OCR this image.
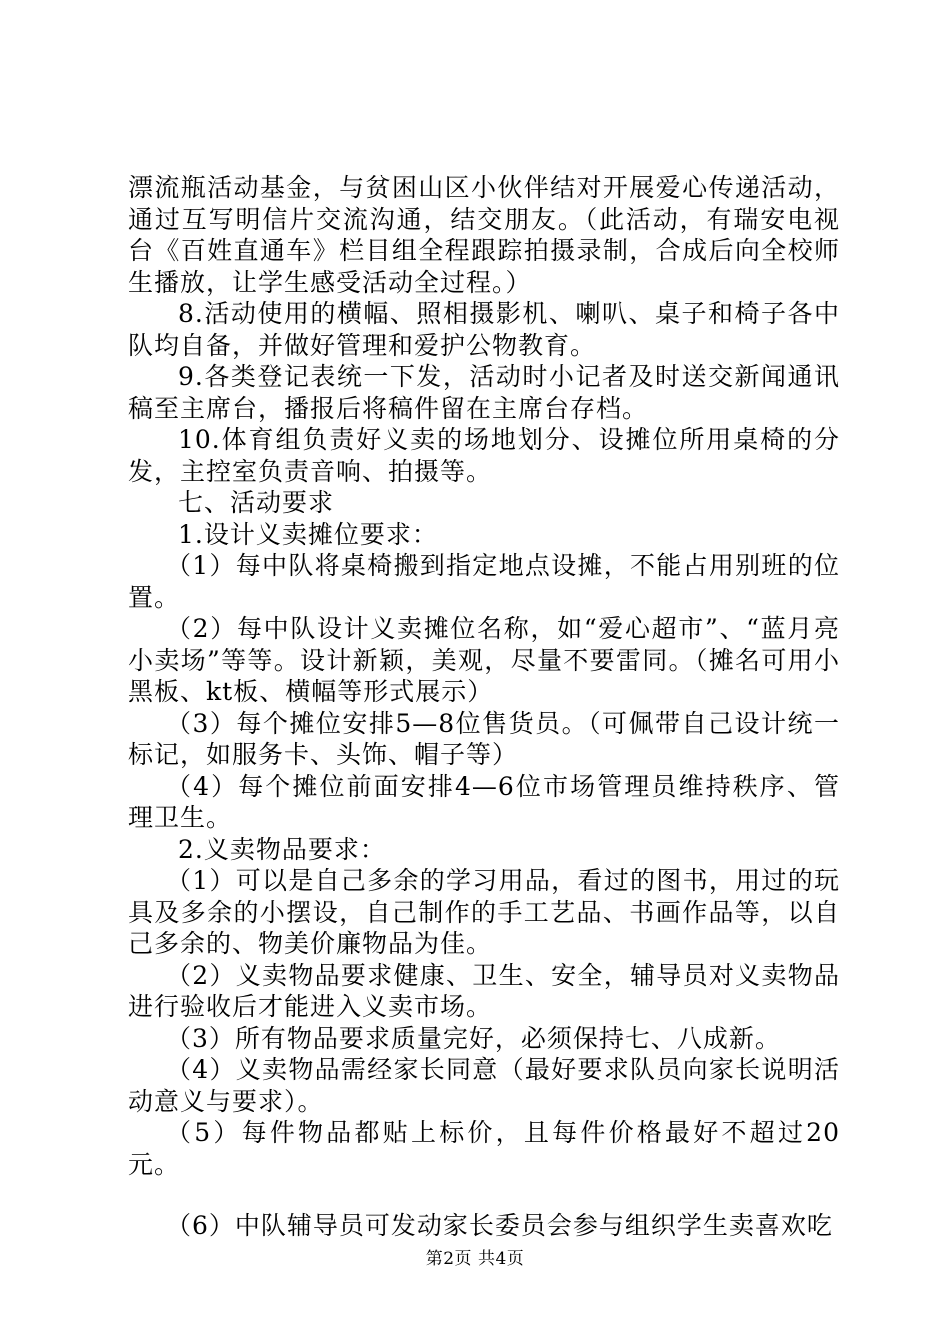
漂流瓶活动基金，与贫困山区小伙伴结对开展爱心传递活动，通过互写明信片交流沟通，结交朋友。（此活动，有瑞安电视台《百姓直通车》栏目组全程跟踪拍摄录制，合成后向全校师生播放，让学生感受活动全过程。）

8.活动使用的横幅、照相摄影机、喇叭、桌子和椅子各中队均自备，并做好管理和爱护公物教育。

9.各类登记表统一下发，活动时小记者及时送交新闻通讯稿至主席台，播报后将稿件留在主席台存档。

10.体育组负责好义卖的场地划分、设摊位所用桌椅的分发，主控室负责音响、拍摄等。

七、活动要求

1.设计义卖摊位要求：

（1）每中队将桌椅搬到指定地点设摊，不能占用别班的位置。

（2）每中队设计义卖摊位名称，如“爱心超市”、“蓝月亮小卖场”等等。设计新颖，美观，尽量不要雷同。（摊名可用小黑板、kt板、横幅等形式展示）

（3）每个摊位安排5—8位售货员。（可佩带自己设计统一标记，如服务卡、头饰、帽子等）

（4）每个摊位前面安排4—6位市场管理员维持秩序、管理卫生。

2.义卖物品要求：

（1）可以是自己多余的学习用品，看过的图书，用过的玩具及多余的小摆设，自己制作的手工艺品、书画作品等，以自己多余的、物美价廉物品为佳。

（2）义卖物品要求健康、卫生、安全，辅导员对义卖物品进行验收后才能进入义卖市场。

（3）所有物品要求质量完好，必须保持七、八成新。

（4）义卖物品需经家长同意（最好要求队员向家长说明活动意义与要求）。

（5）每件物品都贴上标价，且每件价格最好不超过20元。

（6）中队辅导员可发动家长委员会参与组织学生卖喜欢吃

第2页 共4页
